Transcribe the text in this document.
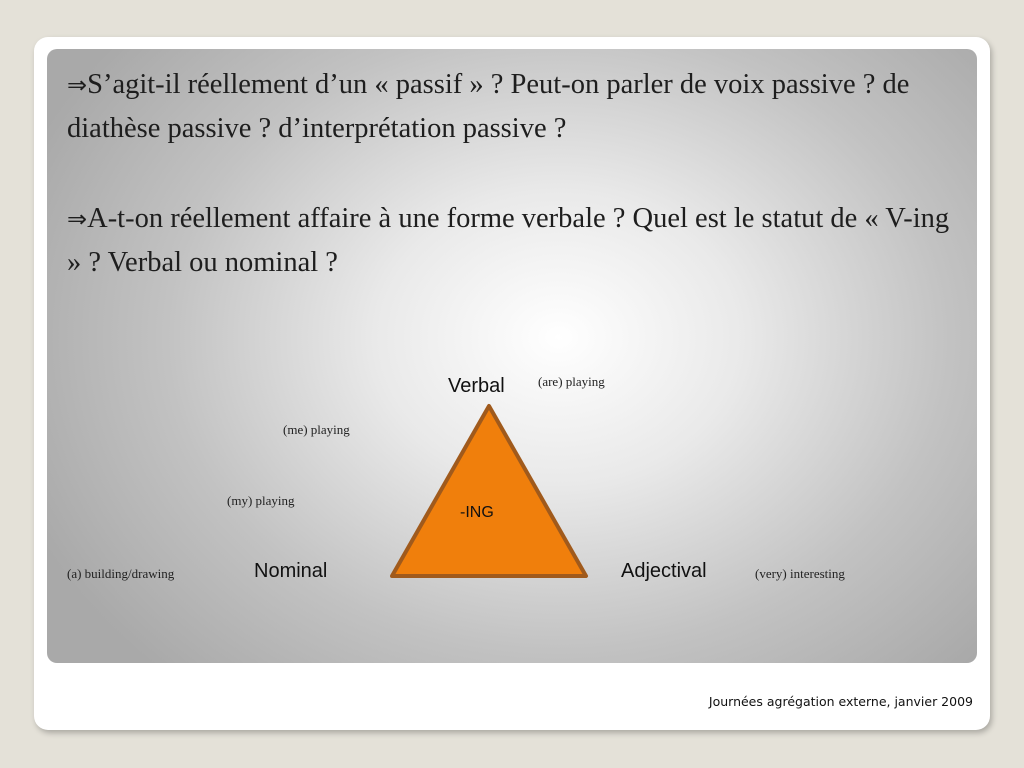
⇒S’agit-il réellement d’un « passif » ? Peut-on parler de voix passive ? de diathèse passive ? d’interprétation passive ?

⇒A-t-on réellement affaire à une forme verbale ? Quel est le statut de « V-ing » ? Verbal ou nominal ?

-ING
Verbal
Nominal	Adjectival
(are) playing
(me) playing
(my) playing
(a) building/drawing	(very) interesting
Journées agrégation externe, janvier 2009
